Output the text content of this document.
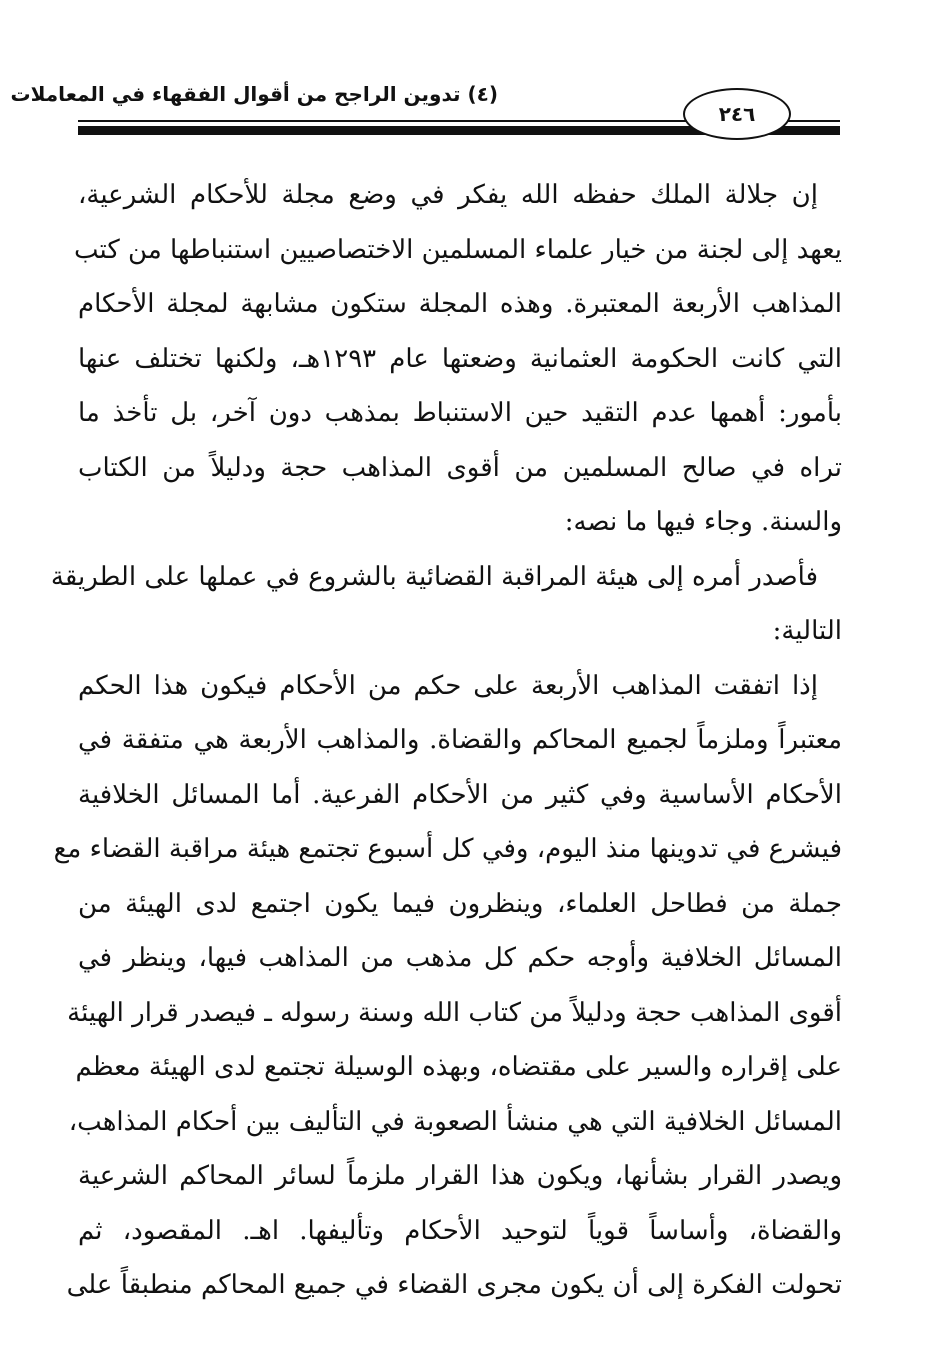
(٤) تدوين الراجح من أقوال الفقهاء في المعاملات
٢٤٦
إن جلالة الملك حفظه الله يفكر في وضع مجلة للأحكام الشرعية،
يعهد إلى لجنة من خيار علماء المسلمين الاختصاصيين استنباطها من كتب
المذاهب الأربعة المعتبرة. وهذه المجلة ستكون مشابهة لمجلة الأحكام
التي كانت الحكومة العثمانية وضعتها عام ١٢٩٣هـ، ولكنها تختلف عنها
بأمور: أهمها عدم التقيد حين الاستنباط بمذهب دون آخر، بل تأخذ ما
تراه في صالح المسلمين من أقوى المذاهب حجة ودليلاً من الكتاب
والسنة. وجاء فيها ما نصه:
فأصدر أمره إلى هيئة المراقبة القضائية بالشروع في عملها على الطريقة
التالية:
إذا اتفقت المذاهب الأربعة على حكم من الأحكام فيكون هذا الحكم
معتبراً وملزماً لجميع المحاكم والقضاة. والمذاهب الأربعة هي متفقة في
الأحكام الأساسية وفي كثير من الأحكام الفرعية. أما المسائل الخلافية
فيشرع في تدوينها منذ اليوم، وفي كل أسبوع تجتمع هيئة مراقبة القضاء مع
جملة من فطاحل العلماء، وينظرون فيما يكون اجتمع لدى الهيئة من
المسائل الخلافية وأوجه حكم كل مذهب من المذاهب فيها، وينظر في
أقوى المذاهب حجة ودليلاً من كتاب الله وسنة رسوله ـ فيصدر قرار الهيئة
على إقراره والسير على مقتضاه، وبهذه الوسيلة تجتمع لدى الهيئة معظم
المسائل الخلافية التي هي منشأ الصعوبة في التأليف بين أحكام المذاهب،
ويصدر القرار بشأنها، ويكون هذا القرار ملزماً لسائر المحاكم الشرعية
والقضاة، وأساساً قوياً لتوحيد الأحكام وتأليفها. اهـ. المقصود، ثم
تحولت الفكرة إلى أن يكون مجرى القضاء في جميع المحاكم منطبقاً على
